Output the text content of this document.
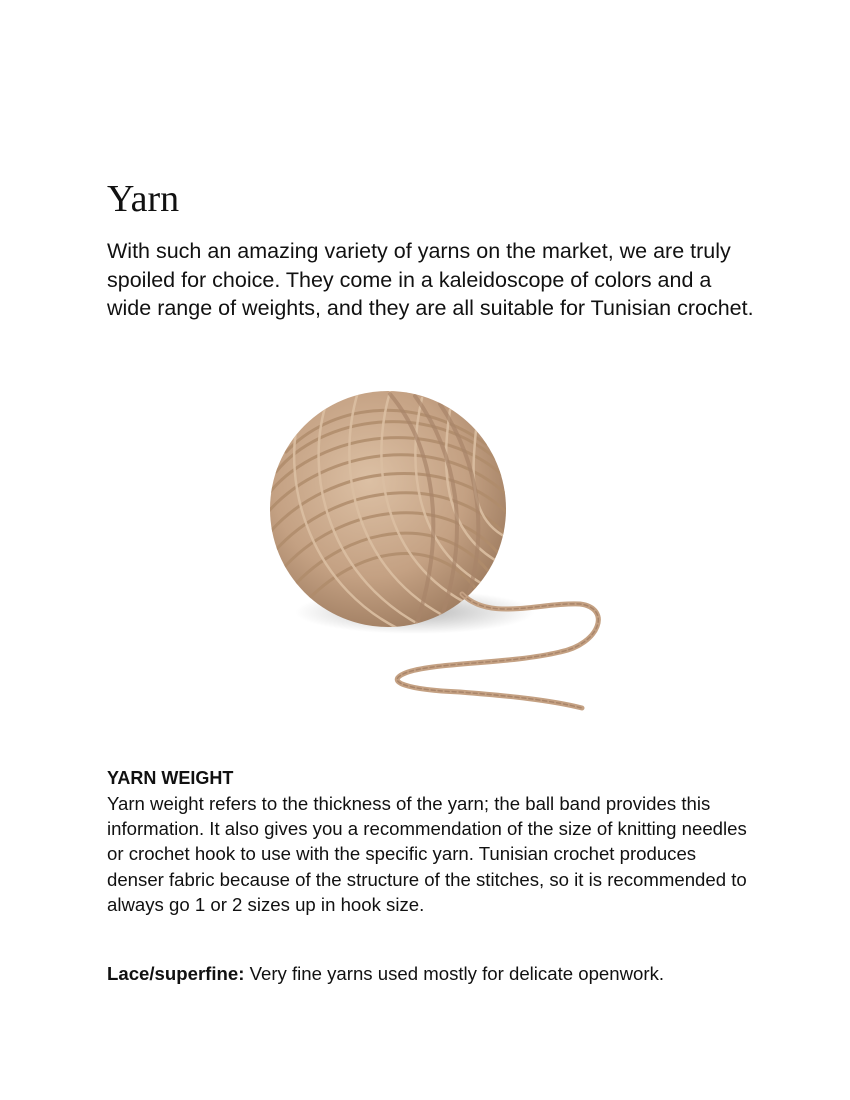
Yarn

With such an amazing variety of yarns on the market, we are truly spoiled for choice. They come in a kaleidoscope of colors and a wide range of weights, and they are all suitable for Tunisian crochet.

YARN WEIGHT

Yarn weight refers to the thickness of the yarn; the ball band provides this information. It also gives you a recommendation of the size of knitting needles or crochet hook to use with the specific yarn. Tunisian crochet produces denser fabric because of the structure of the stitches, so it is recommended to always go 1 or 2 sizes up in hook size.

Lace/superfine: Very fine yarns used mostly for delicate openwork.
